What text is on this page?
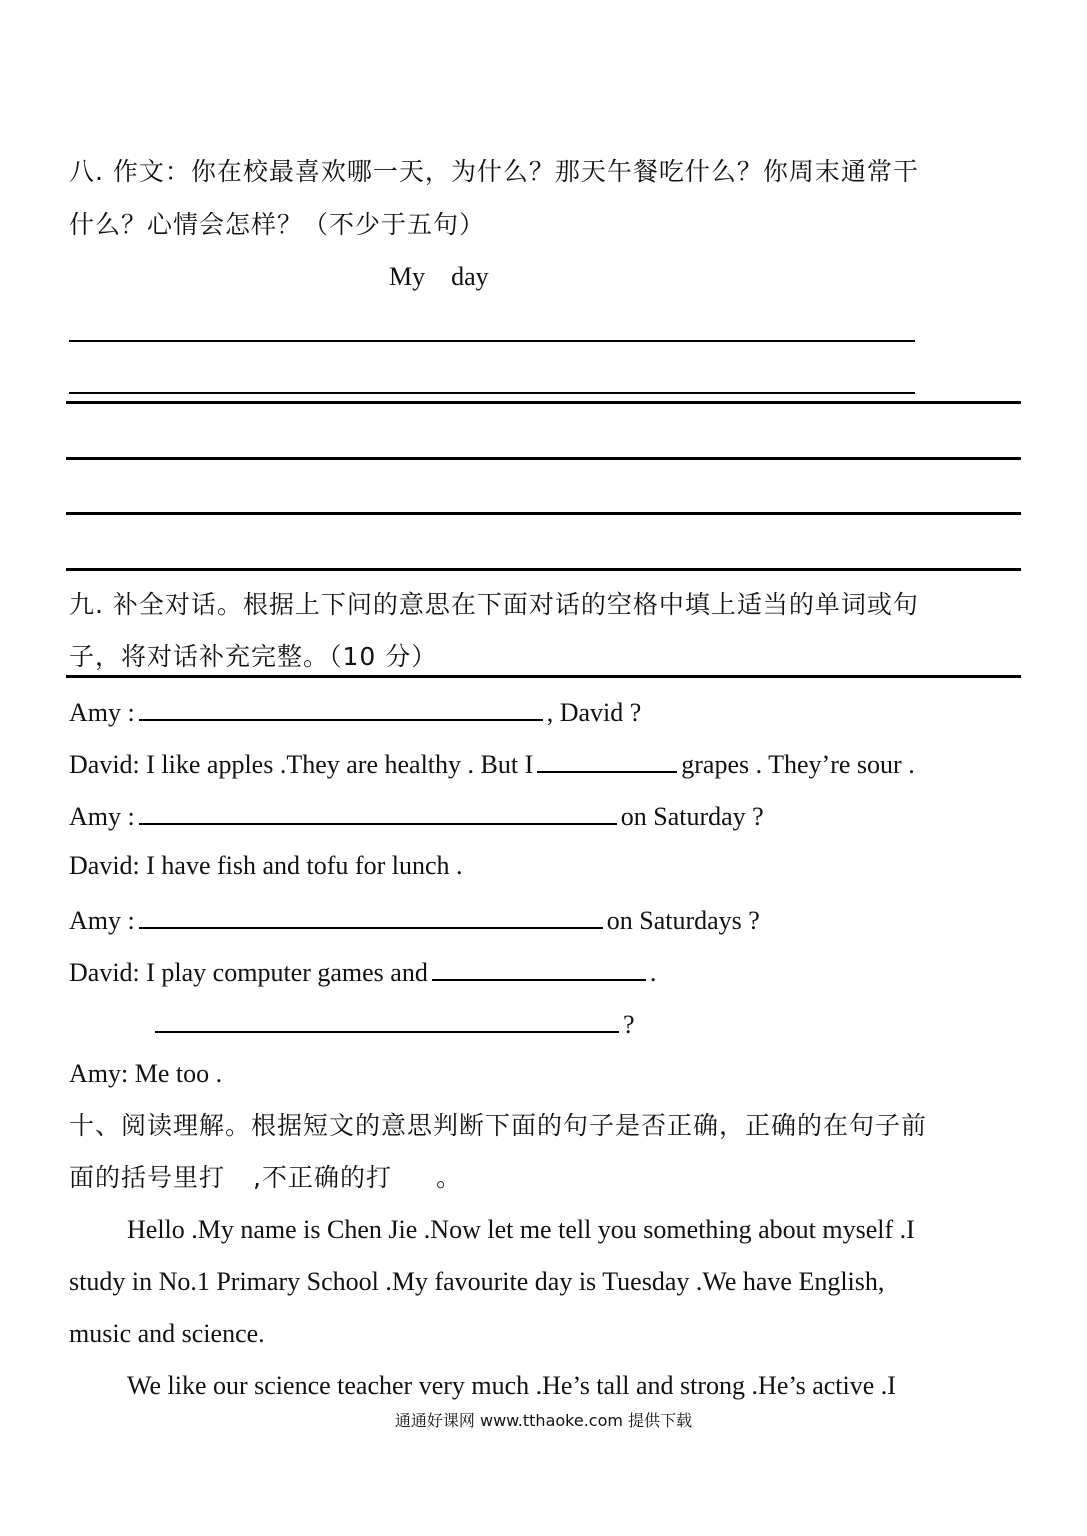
八. 作文：你在校最喜欢哪一天，为什么？那天午餐吃什么？你周末通常干
什么？心情会怎样？（不少于五句）
My    day
九. 补全对话。根据上下问的意思在下面对话的空格中填上适当的单词或句
子，将对话补充完整。（10 分）
Amy :	, David ?
David: I like apples .They are healthy . But I	grapes . They’re sour .
Amy :	on Saturday ?
David: I have fish and tofu for lunch .
Amy :	on Saturdays ?
David: I play computer games and	.
?
Amy: Me too .
十、阅读理解。根据短文的意思判断下面的句子是否正确，正确的在句子前
面的括号里打 ,不正确的打 。
Hello .My name is Chen Jie .Now let me tell you something about myself .I
study in No.1 Primary School .My favourite day is Tuesday .We have English,
music and science.
We like our science teacher very much .He’s tall and strong .He’s active .I
通通好课网 www.tthaoke.com 提供下载
